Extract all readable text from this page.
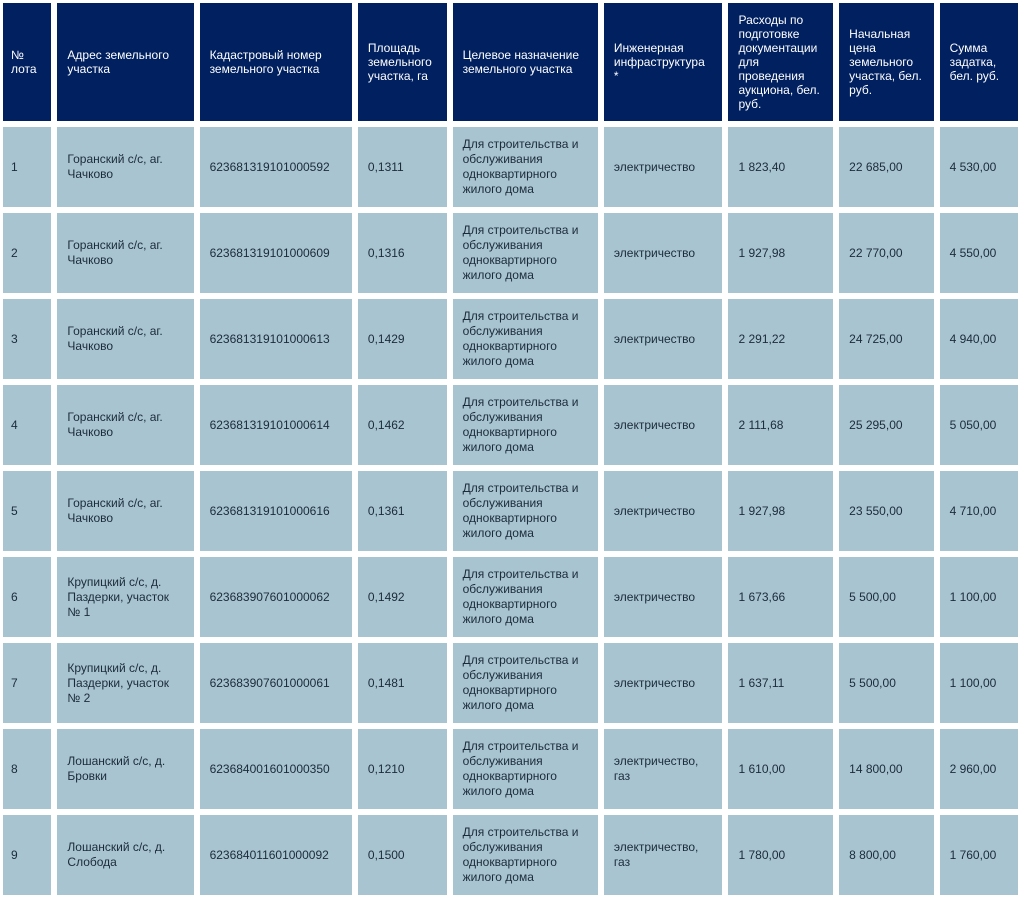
№ лота	Адрес земельного участка	Кадастровый номер земельного участка	Площадь земельного участка, га	Целевое назначение земельного участка	Инженерная инфраструктура *	Расходы по подготовке документации для проведения аукциона, бел. руб.	Начальная цена земельного участка, бел. руб.	Сумма задатка, бел. руб.
1	Горанский с/с, аг. Чачково	623681319101000592	0,1311	Для строительства и обслуживания одноквартирного жилого дома	электричество	1 823,40	22 685,00	4 530,00
2	Горанский с/с, аг. Чачково	623681319101000609	0,1316	Для строительства и обслуживания одноквартирного жилого дома	электричество	1 927,98	22 770,00	4 550,00
3	Горанский с/с, аг. Чачково	623681319101000613	0,1429	Для строительства и обслуживания одноквартирного жилого дома	электричество	2 291,22	24 725,00	4 940,00
4	Горанский с/с, аг. Чачково	623681319101000614	0,1462	Для строительства и обслуживания одноквартирного жилого дома	электричество	2 111,68	25 295,00	5 050,00
5	Горанский с/с, аг. Чачково	623681319101000616	0,1361	Для строительства и обслуживания одноквартирного жилого дома	электричество	1 927,98	23 550,00	4 710,00
6	Крупицкий с/с, д. Паздерки, участок № 1	623683907601000062	0,1492	Для строительства и обслуживания одноквартирного жилого дома	электричество	1 673,66	5 500,00	1 100,00
7	Крупицкий с/с, д. Паздерки, участок № 2	623683907601000061	0,1481	Для строительства и обслуживания одноквартирного жилого дома	электричество	1 637,11	5 500,00	1 100,00
8	Лошанский с/с, д. Бровки	623684001601000350	0,1210	Для строительства и обслуживания одноквартирного жилого дома	электричество, газ	1 610,00	14 800,00	2 960,00
9	Лошанский с/с, д. Слобода	623684011601000092	0,1500	Для строительства и обслуживания одноквартирного жилого дома	электричество, газ	1 780,00	8 800,00	1 760,00
